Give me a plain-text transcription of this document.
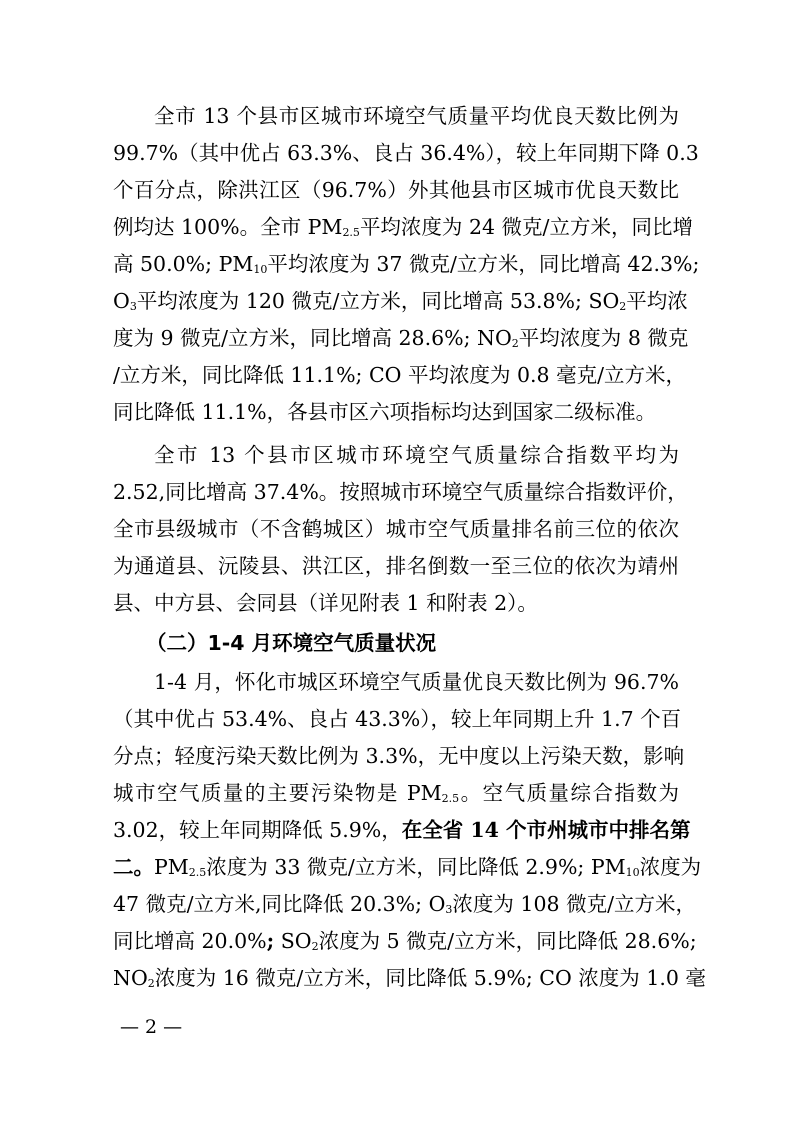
全市 13 个县市区城市环境空气质量平均优良天数比例为
99.7%（其中优占 63.3%、良占 36.4%），较上年同期下降 0.3
个百分点，除洪江区（96.7%）外其他县市区城市优良天数比
例均达 100%。全市 $PM_{2.5}$平均浓度为 24 微克/立方米，同比增
高 50.0%; $PM_{10}$平均浓度为 37 微克/立方米，同比增高 42.3%;
$O_3$平均浓度为 120 微克/立方米，同比增高 53.8%; $SO_2$平均浓
度为 9 微克/立方米，同比增高 28.6%; $NO_2$平均浓度为 8 微克
/立方米，同比降低 11.1%; CO 平均浓度为 0.8 毫克/立方米，
同比降低 11.1%，各县市区六项指标均达到国家二级标准。
全市 13 个县市区城市环境空气质量综合指数平均为
2.52,同比增高 37.4%。按照城市环境空气质量综合指数评价，
全市县级城市（不含鹤城区）城市空气质量排名前三位的依次
为通道县、沅陵县、洪江区，排名倒数一至三位的依次为靖州
县、中方县、会同县（详见附表 1 和附表 2）。
（二）1-4 月环境空气质量状况
1-4 月，怀化市城区环境空气质量优良天数比例为 96.7%
（其中优占 53.4%、良占 43.3%），较上年同期上升 1.7 个百
分点；轻度污染天数比例为 3.3%，无中度以上污染天数，影响
城市空气质量的主要污染物是 $PM_{2.5}$。空气质量综合指数为
3.02，较上年同期降低 5.9%，在全省 14 个市州城市中排名第
二。$PM_{2.5}$浓度为 33 微克/立方米，同比降低 2.9%; $PM_{10}$浓度为
47 微克/立方米,同比降低 20.3%; $O_3$浓度为 108 微克/立方米，
同比增高 20.0%; $SO_2$浓度为 5 微克/立方米，同比降低 28.6%;
$NO_2$浓度为 16 微克/立方米，同比降低 5.9%; CO 浓度为 1.0 毫
— 2 —
